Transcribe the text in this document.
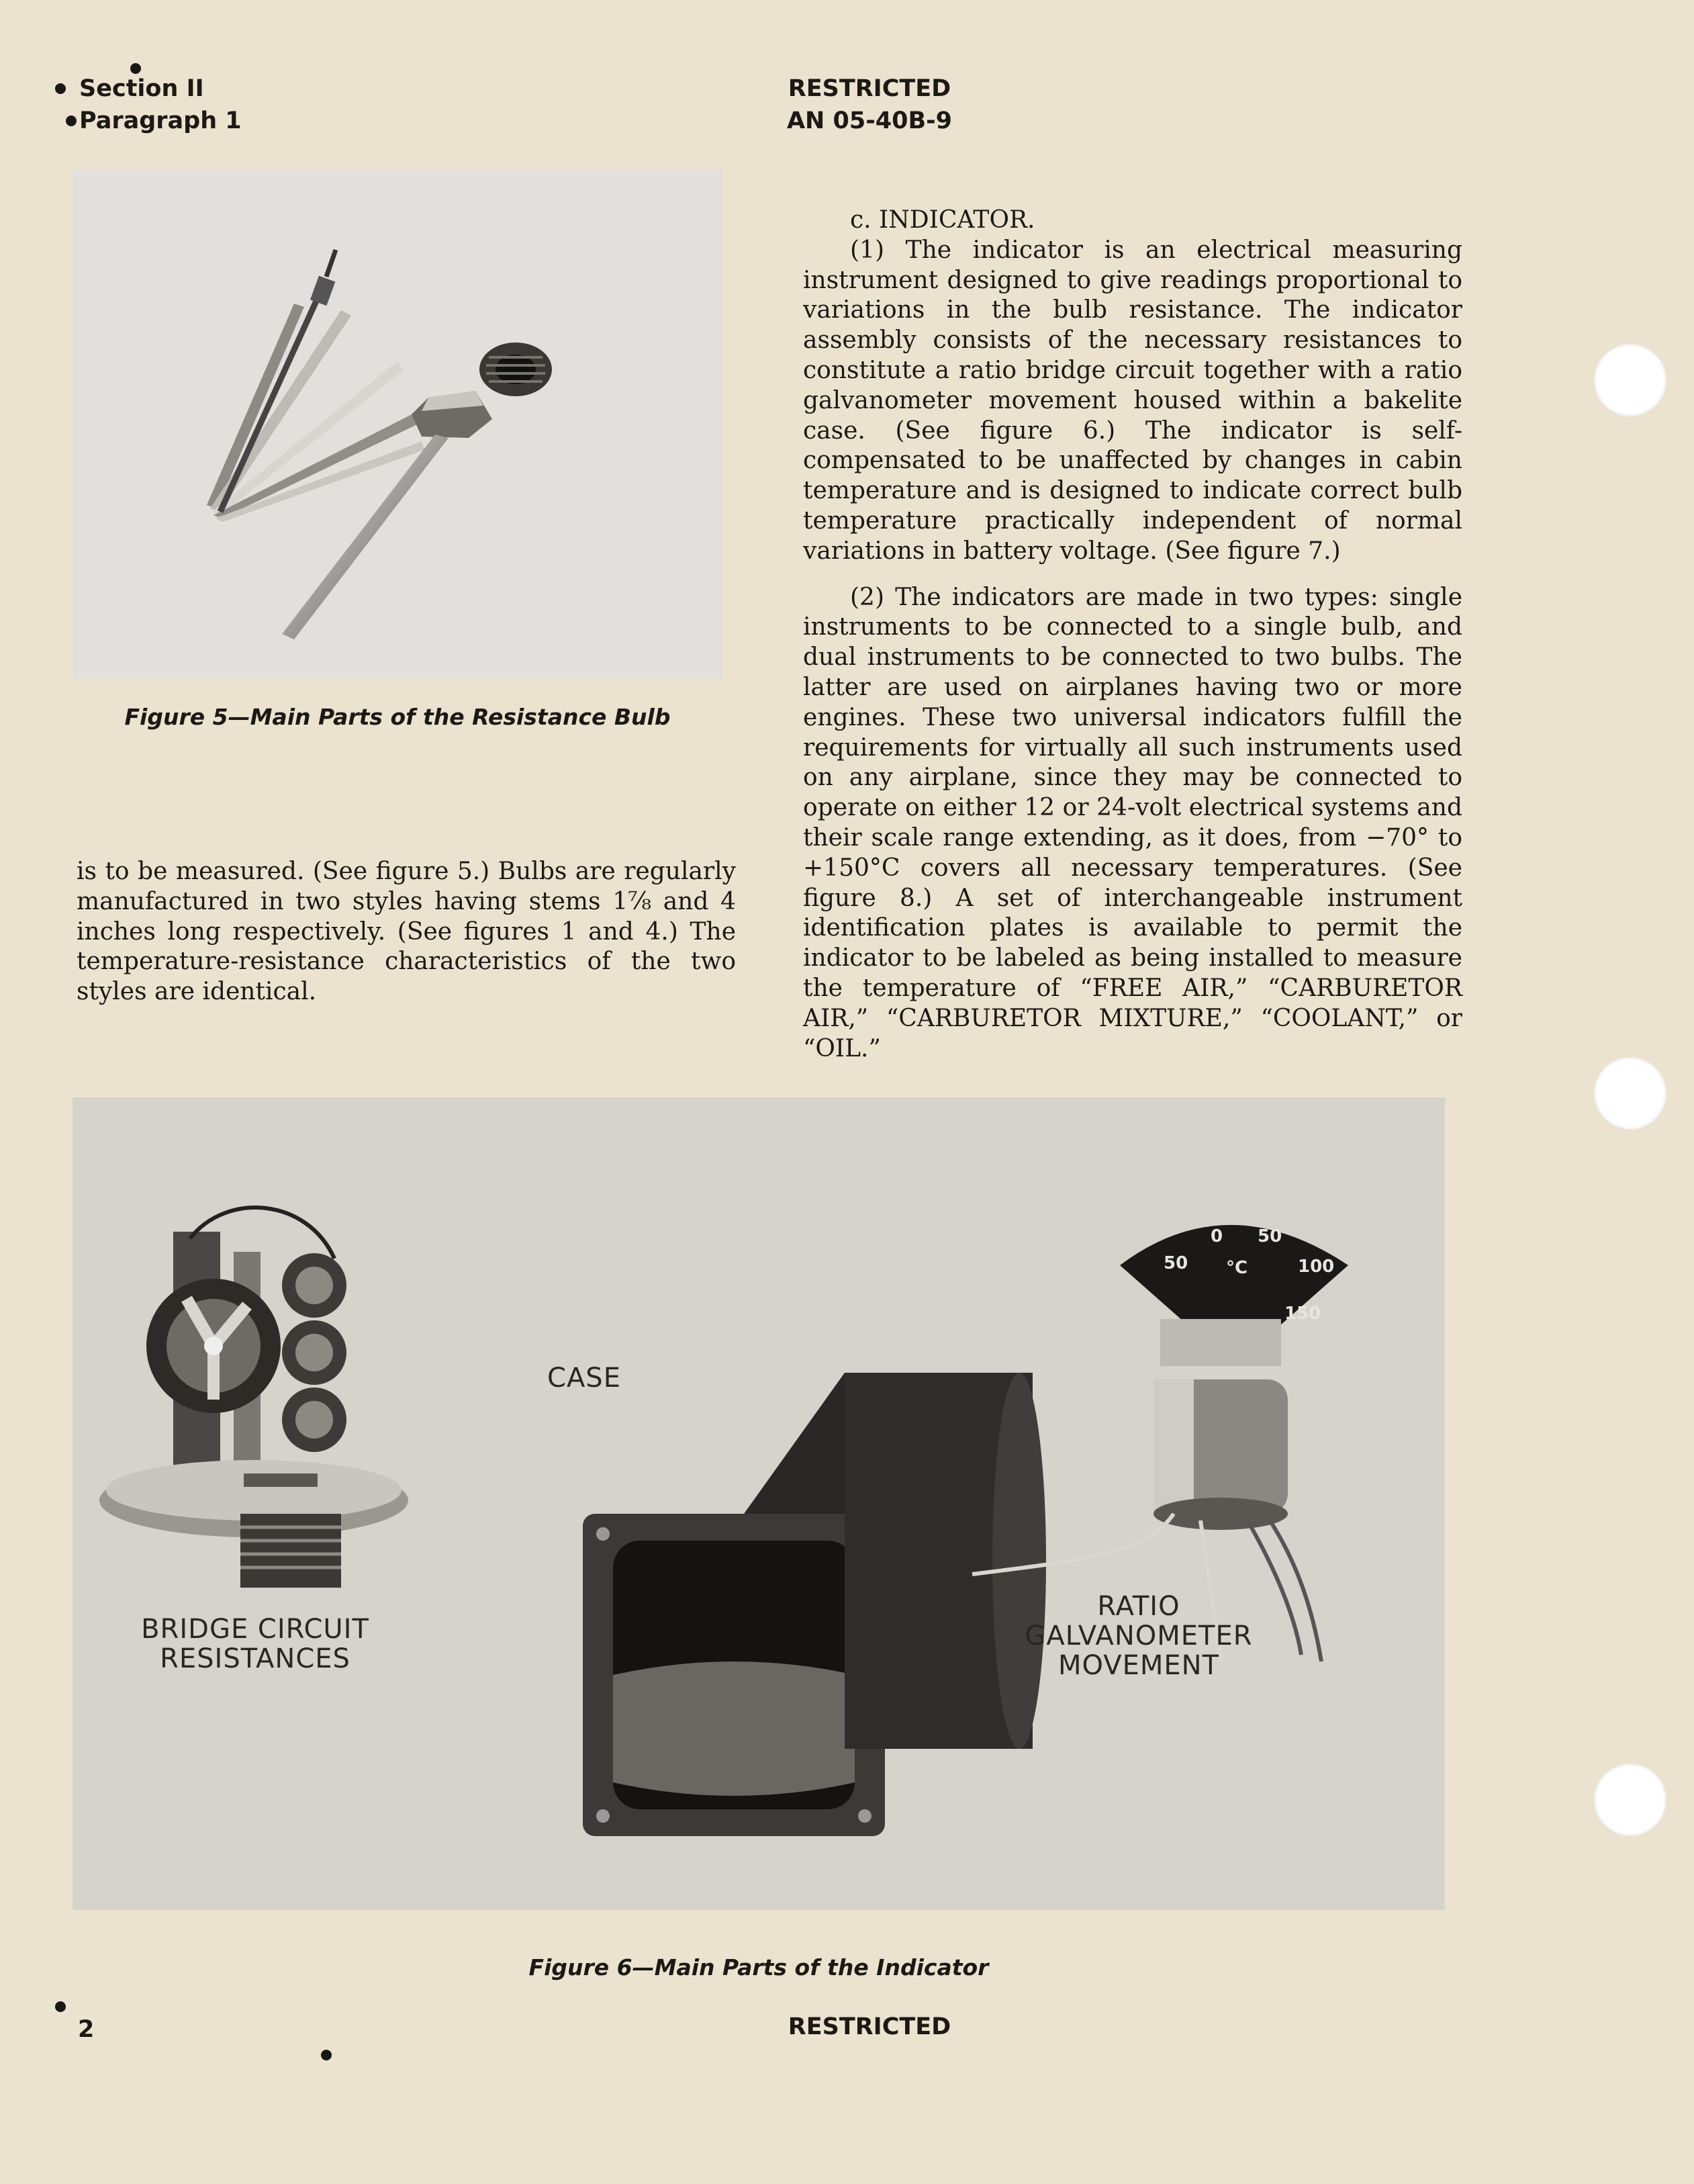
Section II
Paragraph 1
RESTRICTED
AN 05-40B-9
Figure 5—Main Parts of the Resistance Bulb

is to be measured. (See figure 5.) Bulbs are regularly manufactured in two styles having stems 1⅞ and 4 inches long respectively. (See figures 1 and 4.) The temperature-resistance characteristics of the two styles are identical.

c. INDICATOR.

(1) The indicator is an electrical measuring instrument designed to give readings proportional to variations in the bulb resistance. The indicator assembly consists of the necessary resistances to constitute a ratio bridge circuit together with a ratio galvanometer movement housed within a bakelite case. (See figure 6.) The indicator is self-compensated to be unaffected by changes in cabin temperature and is designed to indicate correct bulb temperature practically independent of normal variations in battery voltage. (See figure 7.)

(2) The indicators are made in two types: single instruments to be connected to a single bulb, and dual instruments to be connected to two bulbs. The latter are used on airplanes having two or more engines. These two universal indicators fulfill the requirements for virtually all such instruments used on any airplane, since they may be connected to operate on either 12 or 24-volt electrical systems and their scale range extending, as it does, from −70° to +150°C covers all necessary temperatures. (See figure 8.) A set of interchangeable instrument identification plates is available to permit the indicator to be labeled as being installed to measure the temperature of “FREE AIR,” “CARBURETOR AIR,” “CARBURETOR MIXTURE,” “COOLANT,” or “OIL.”

50
0 50
100
150
°C
BRIDGE CIRCUIT
RESISTANCES
CASE
RATIO
GALVANOMETER
MOVEMENT
Figure 6—Main Parts of the Indicator
2	RESTRICTED
